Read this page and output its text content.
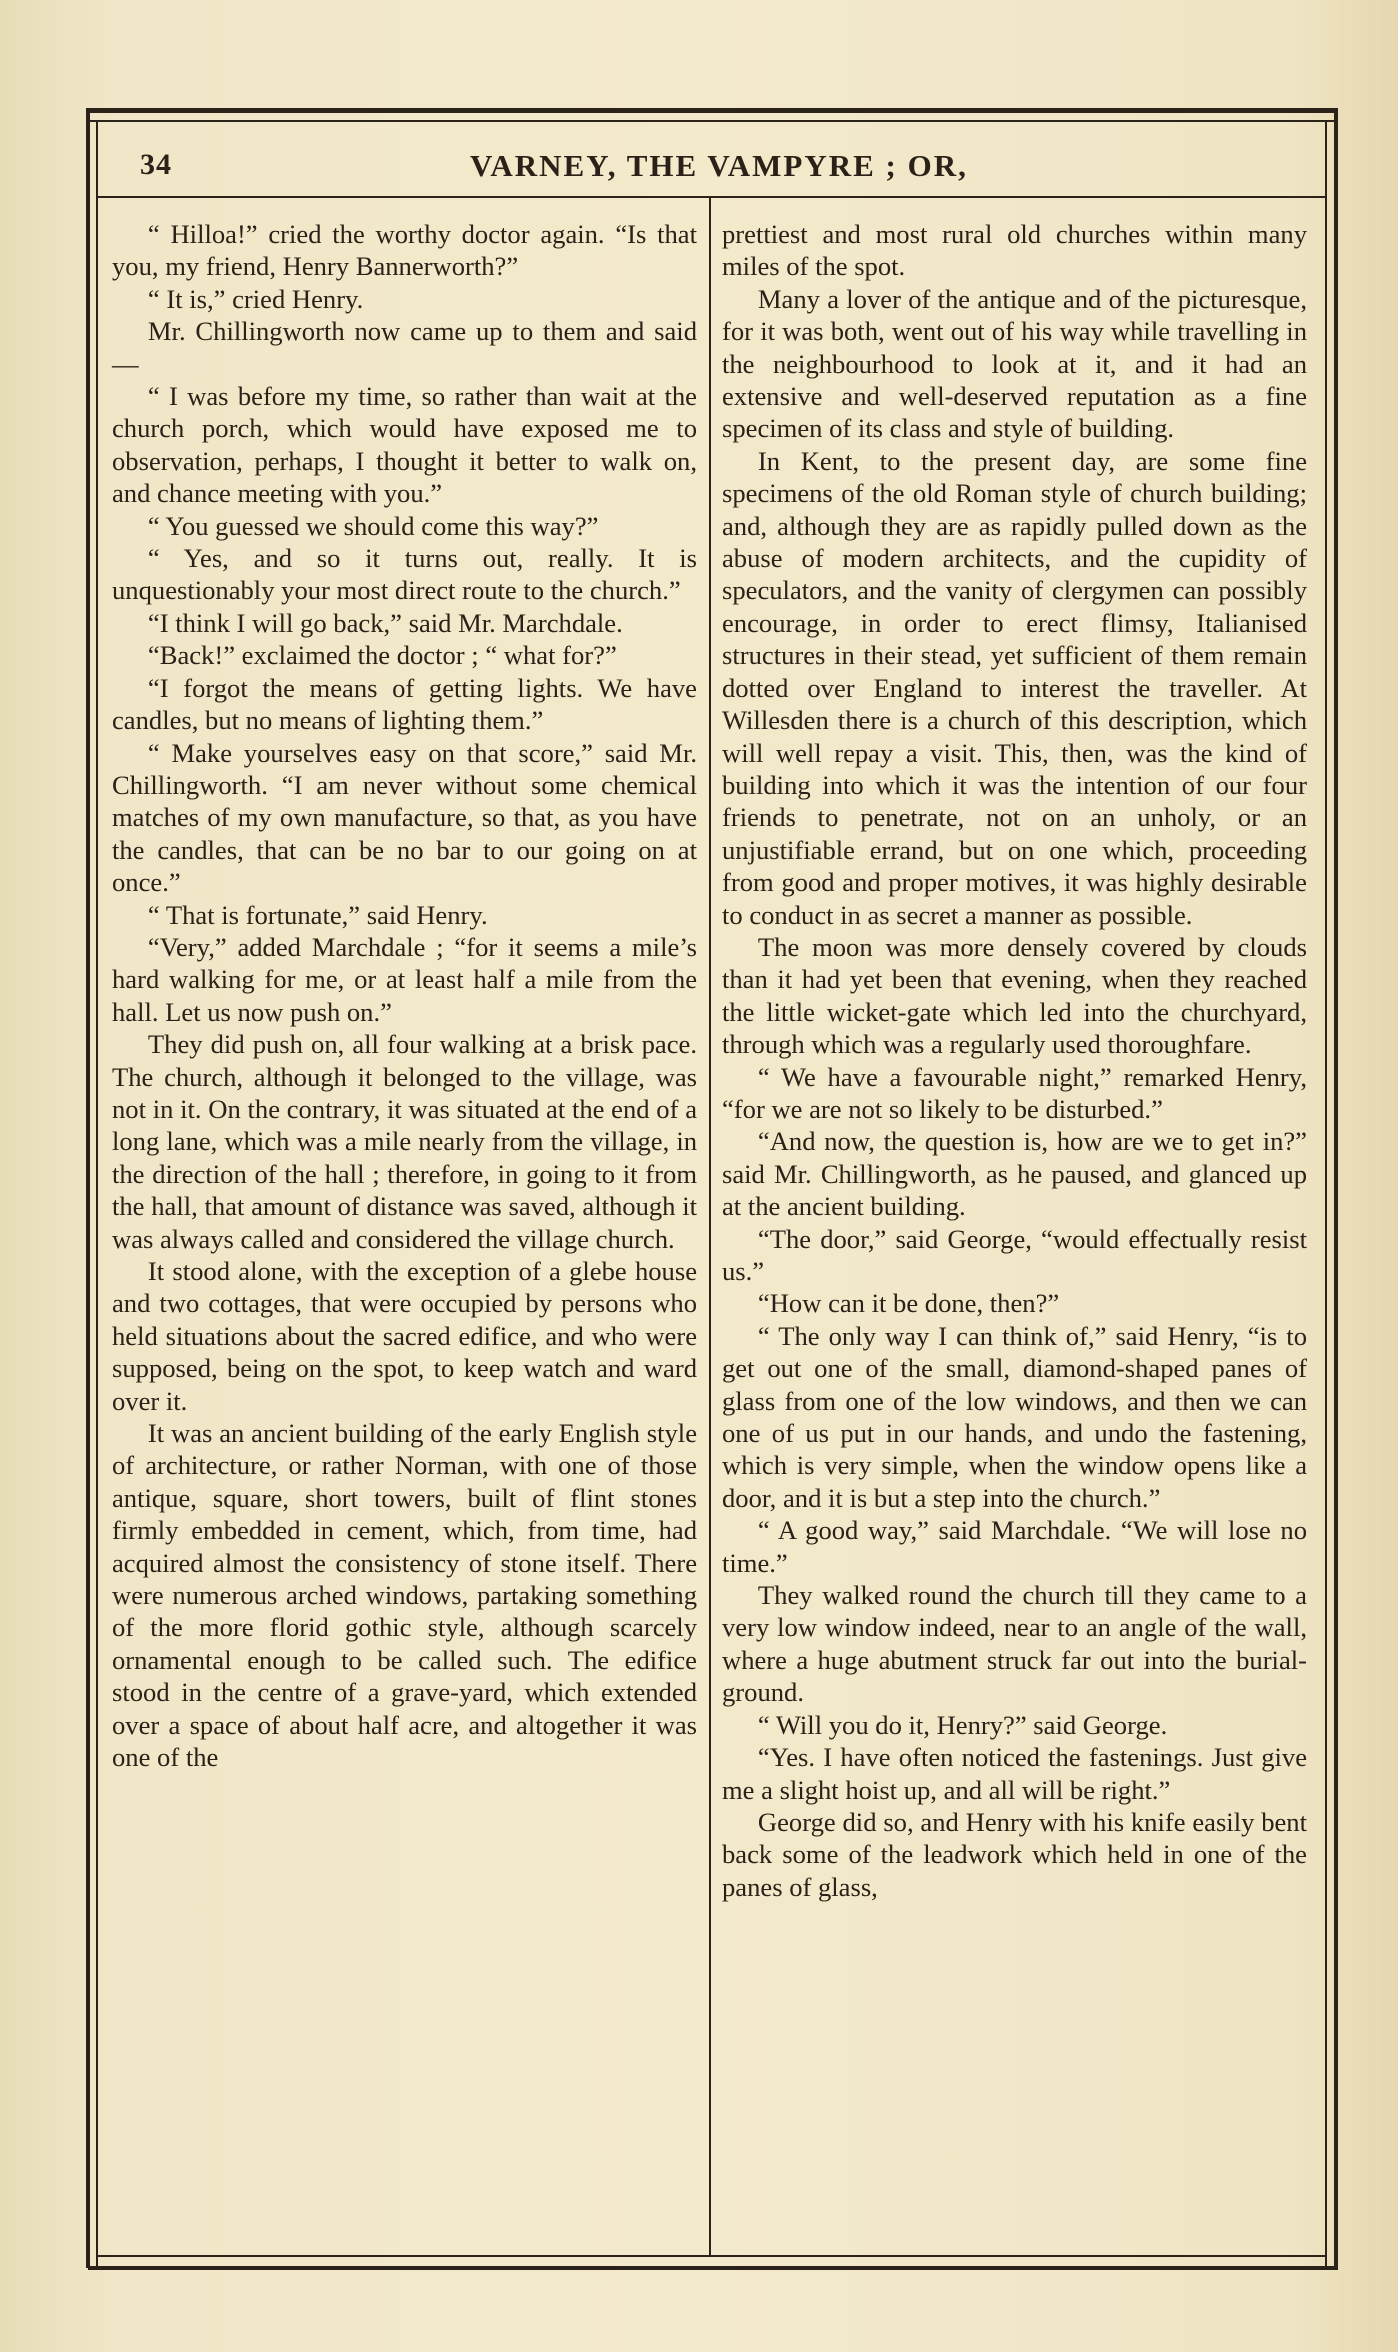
34	VARNEY, THE VAMPYRE ; OR,

“ Hilloa!” cried the worthy doctor again. “Is that you, my friend, Henry Bannerworth?”

“ It is,” cried Henry.

Mr. Chillingworth now came up to them and said—

“ I was before my time, so rather than wait at the church porch, which would have exposed me to observation, perhaps, I thought it better to walk on, and chance meeting with you.”

“ You guessed we should come this way?”

“ Yes, and so it turns out, really. It is unquestionably your most direct route to the church.”

“I think I will go back,” said Mr. Marchdale.

“Back!” exclaimed the doctor ; “ what for?”

“I forgot the means of getting lights. We have candles, but no means of lighting them.”

“ Make yourselves easy on that score,” said Mr. Chillingworth. “I am never without some chemical matches of my own manufacture, so that, as you have the candles, that can be no bar to our going on at once.”

“ That is fortunate,” said Henry.

“Very,” added Marchdale ; “for it seems a mile’s hard walking for me, or at least half a mile from the hall. Let us now push on.”

They did push on, all four walking at a brisk pace. The church, although it belonged to the village, was not in it. On the contrary, it was situated at the end of a long lane, which was a mile nearly from the village, in the direction of the hall ; therefore, in going to it from the hall, that amount of distance was saved, although it was always called and considered the village church.

It stood alone, with the exception of a glebe house and two cottages, that were occupied by persons who held situations about the sacred edifice, and who were supposed, being on the spot, to keep watch and ward over it.

It was an ancient building of the early English style of architecture, or rather Norman, with one of those antique, square, short towers, built of flint stones firmly embedded in cement, which, from time, had acquired almost the consistency of stone itself. There were numerous arched windows, partaking something of the more florid gothic style, although scarcely ornamental enough to be called such. The edifice stood in the centre of a grave-yard, which extended over a space of about half acre, and altogether it was one of the

prettiest and most rural old churches within many miles of the spot.

Many a lover of the antique and of the picturesque, for it was both, went out of his way while travelling in the neighbourhood to look at it, and it had an extensive and well-deserved reputation as a fine specimen of its class and style of building.

In Kent, to the present day, are some fine specimens of the old Roman style of church building; and, although they are as rapidly pulled down as the abuse of modern architects, and the cupidity of speculators, and the vanity of clergymen can possibly encourage, in order to erect flimsy, Italianised structures in their stead, yet sufficient of them remain dotted over England to interest the traveller. At Willesden there is a church of this description, which will well repay a visit. This, then, was the kind of building into which it was the intention of our four friends to penetrate, not on an unholy, or an unjustifiable errand, but on one which, proceeding from good and proper motives, it was highly desirable to conduct in as secret a manner as possible.

The moon was more densely covered by clouds than it had yet been that evening, when they reached the little wicket-gate which led into the churchyard, through which was a regularly used thoroughfare.

“ We have a favourable night,” remarked Henry, “for we are not so likely to be disturbed.”

“And now, the question is, how are we to get in?” said Mr. Chillingworth, as he paused, and glanced up at the ancient building.

“The door,” said George, “would effectually resist us.”

“How can it be done, then?”

“ The only way I can think of,” said Henry, “is to get out one of the small, diamond-shaped panes of glass from one of the low windows, and then we can one of us put in our hands, and undo the fastening, which is very simple, when the window opens like a door, and it is but a step into the church.”

“ A good way,” said Marchdale. “We will lose no time.”

They walked round the church till they came to a very low window indeed, near to an angle of the wall, where a huge abutment struck far out into the burial-ground.

“ Will you do it, Henry?” said George.

“Yes. I have often noticed the fastenings. Just give me a slight hoist up, and all will be right.”

George did so, and Henry with his knife easily bent back some of the leadwork which held in one of the panes of glass,
